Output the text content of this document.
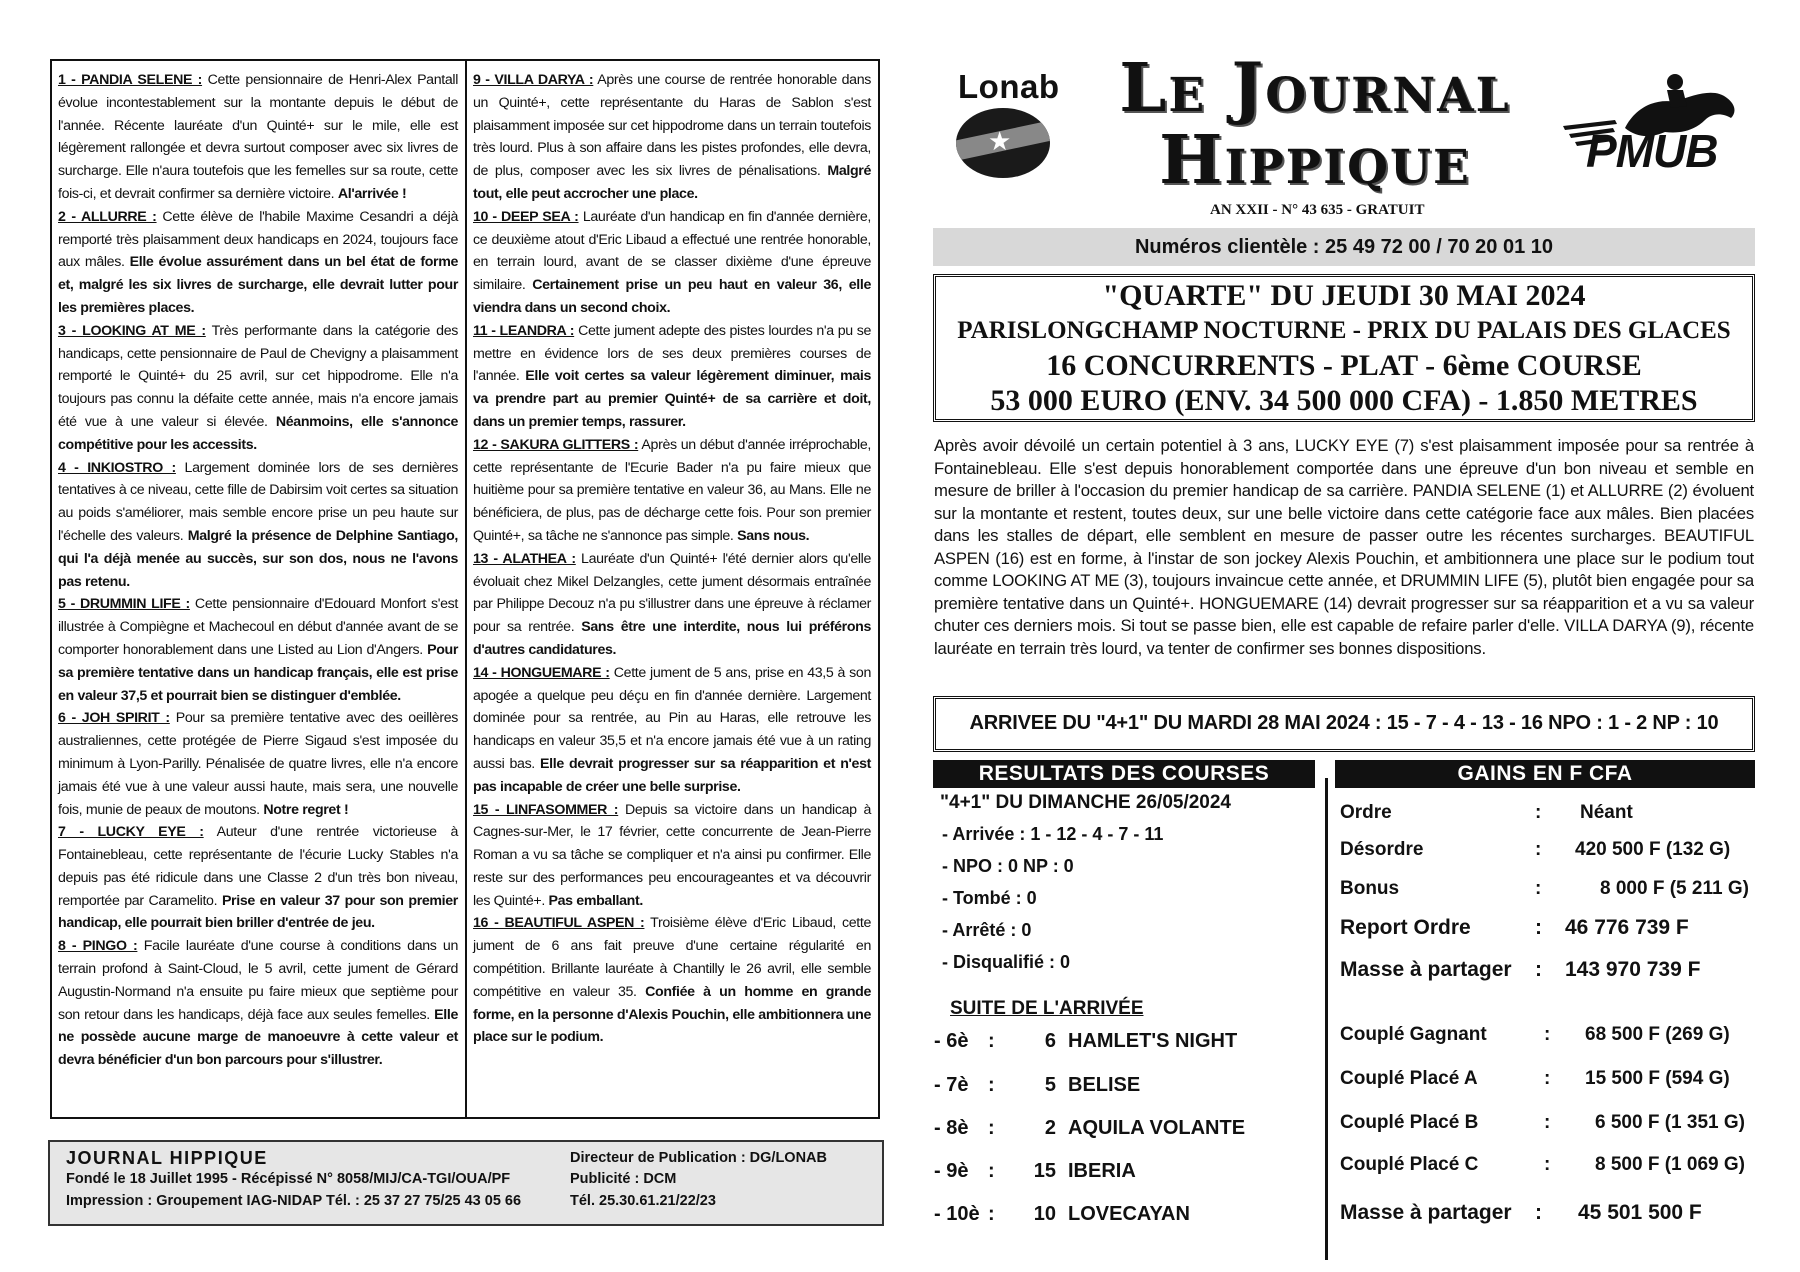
1 - PANDIA SELENE : Cette pensionnaire de Henri-Alex Pantall évolue incontestablement sur la montante depuis le début de l'année. Récente lauréate d'un Quinté+ sur le mile, elle est légèrement rallongée et devra surtout composer avec six livres de surcharge. Elle n'aura toutefois que les femelles sur sa route, cette fois-ci, et devrait confirmer sa dernière victoire. Al'arrivée !

2 - ALLURRE : Cette élève de l'habile Maxime Cesandri a déjà remporté très plaisamment deux handicaps en 2024, toujours face aux mâles. Elle évolue assurément dans un bel état de forme et, malgré les six livres de surcharge, elle devrait lutter pour les premières places.

3 - LOOKING AT ME : Très performante dans la catégorie des handicaps, cette pensionnaire de Paul de Chevigny a plaisamment remporté le Quinté+ du 25 avril, sur cet hippodrome. Elle n'a toujours pas connu la défaite cette année, mais n'a encore jamais été vue à une valeur si élevée. Néanmoins, elle s'annonce compétitive pour les accessits.

4 - INKIOSTRO : Largement dominée lors de ses dernières tentatives à ce niveau, cette fille de Dabirsim voit certes sa situation au poids s'améliorer, mais semble encore prise un peu haute sur l'échelle des valeurs. Malgré la présence de Delphine Santiago, qui l'a déjà menée au succès, sur son dos, nous ne l'avons pas retenu.

5 - DRUMMIN LIFE : Cette pensionnaire d'Edouard Monfort s'est illustrée à Compiègne et Machecoul en début d'année avant de se comporter honorablement dans une Listed au Lion d'Angers. Pour sa première tentative dans un handicap français, elle est prise en valeur 37,5 et pourrait bien se distinguer d'emblée.

6 - JOH SPIRIT : Pour sa première tentative avec des oeillères australiennes, cette protégée de Pierre Sigaud s'est imposée du minimum à Lyon-Parilly. Pénalisée de quatre livres, elle n'a encore jamais été vue à une valeur aussi haute, mais sera, une nouvelle fois, munie de peaux de moutons. Notre regret !

7 - LUCKY EYE : Auteur d'une rentrée victorieuse à Fontainebleau, cette représentante de l'écurie Lucky Stables n'a depuis pas été ridicule dans une Classe 2 d'un très bon niveau, remportée par Caramelito. Prise en valeur 37 pour son premier handicap, elle pourrait bien briller d'entrée de jeu.

8 - PINGO : Facile lauréate d'une course à conditions dans un terrain profond à Saint-Cloud, le 5 avril, cette jument de Gérard Augustin-Normand n'a ensuite pu faire mieux que septième pour son retour dans les handicaps, déjà face aux seules femelles. Elle ne possède aucune marge de manoeuvre à cette valeur et devra bénéficier d'un bon parcours pour s'illustrer.

9 - VILLA DARYA : Après une course de rentrée honorable dans un Quinté+, cette représentante du Haras de Sablon s'est plaisamment imposée sur cet hippodrome dans un terrain toutefois très lourd. Plus à son affaire dans les pistes profondes, elle devra, de plus, composer avec les six livres de pénalisations. Malgré tout, elle peut accrocher une place.

10 - DEEP SEA : Lauréate d'un handicap en fin d'année dernière, ce deuxième atout d'Eric Libaud a effectué une rentrée honorable, en terrain lourd, avant de se classer dixième d'une épreuve similaire. Certainement prise un peu haut en valeur 36, elle viendra dans un second choix.

11 - LEANDRA : Cette jument adepte des pistes lourdes n'a pu se mettre en évidence lors de ses deux premières courses de l'année. Elle voit certes sa valeur légèrement diminuer, mais va prendre part au premier Quinté+ de sa carrière et doit, dans un premier temps, rassurer.

12 - SAKURA GLITTERS : Après un début d'année irréprochable, cette représentante de l'Ecurie Bader n'a pu faire mieux que huitième pour sa première tentative en valeur 36, au Mans. Elle ne bénéficiera, de plus, pas de décharge cette fois. Pour son premier Quinté+, sa tâche ne s'annonce pas simple. Sans nous.

13 - ALATHEA : Lauréate d'un Quinté+ l'été dernier alors qu'elle évoluait chez Mikel Delzangles, cette jument désormais entraînée par Philippe Decouz n'a pu s'illustrer dans une épreuve à réclamer pour sa rentrée. Sans être une interdite, nous lui préférons d'autres candidatures.

14 - HONGUEMARE : Cette jument de 5 ans, prise en 43,5 à son apogée a quelque peu déçu en fin d'année dernière. Largement dominée pour sa rentrée, au Pin au Haras, elle retrouve les handicaps en valeur 35,5 et n'a encore jamais été vue à un rating aussi bas. Elle devrait progresser sur sa réapparition et n'est pas incapable de créer une belle surprise.

15 - LINFASOMMER : Depuis sa victoire dans un handicap à Cagnes-sur-Mer, le 17 février, cette concurrente de Jean-Pierre Roman a vu sa tâche se compliquer et n'a ainsi pu confirmer. Elle reste sur des performances peu encourageantes et va découvrir les Quinté+. Pas emballant.

16 - BEAUTIFUL ASPEN : Troisième élève d'Eric Libaud, cette jument de 6 ans fait preuve d'une certaine régularité en compétition. Brillante lauréate à Chantilly le 26 avril, elle semble compétitive en valeur 35. Confiée à un homme en grande forme, en la personne d'Alexis Pouchin, elle ambitionnera une place sur le podium.

JOURNAL HIPPIQUE
Fondé le 18 Juillet 1995 - Récépissé N° 8058/MIJ/CA-TGI/OUA/PF
Impression : Groupement IAG-NIDAP Tél. : 25 37 27 75/25 43 05 66
Directeur de Publication : DG/LONAB
Publicité : DCM
Tél. 25.30.61.21/22/23
Lonab
★
Le Journal
Hippique
AN XXII - N° 43 635 - GRATUIT
PMUB
Numéros clientèle : 25 49 72 00 / 70 20 01 10
"QUARTE" DU JEUDI 30 MAI 2024
PARISLONGCHAMP NOCTURNE - PRIX DU PALAIS DES GLACES
16 CONCURRENTS - PLAT - 6ème COURSE
53 000 EURO (ENV. 34 500 000 CFA) - 1.850 METRES
Après avoir dévoilé un certain potentiel à 3 ans, LUCKY EYE (7) s'est plaisamment imposée pour sa rentrée à Fontainebleau. Elle s'est depuis honorablement comportée dans une épreuve d'un bon niveau et semble en mesure de briller à l'occasion du premier handicap de sa carrière. PANDIA SELENE (1) et ALLURRE (2) évoluent sur la montante et restent, toutes deux, sur une belle victoire dans cette catégorie face aux mâles. Bien placées dans les stalles de départ, elle semblent en mesure de passer outre les récentes surcharges. BEAUTIFUL ASPEN (16) est en forme, à l'instar de son jockey Alexis Pouchin, et ambitionnera une place sur le podium tout comme LOOKING AT ME (3), toujours invaincue cette année, et DRUMMIN LIFE (5), plutôt bien engagée pour sa première tentative dans un Quinté+. HONGUEMARE (14) devrait progresser sur sa réapparition et a vu sa valeur chuter ces derniers mois. Si tout se passe bien, elle est capable de refaire parler d'elle. VILLA DARYA (9), récente lauréate en terrain très lourd, va tenter de confirmer ses bonnes dispositions.
ARRIVEE DU "4+1" DU MARDI 28 MAI 2024 : 15 - 7 - 4 - 13 - 16 NPO : 1 - 2 NP : 10
RESULTATS DES COURSES	GAINS EN F CFA
"4+1" DU DIMANCHE 26/05/2024
- Arrivée : 1 - 12 - 4 - 7 - 11
- NPO : 0 NP : 0
- Tombé : 0
- Arrêté : 0
- Disqualifié : 0
SUITE DE L'ARRIVÉE
- 6è :	6 HAMLET'S NIGHT
- 7è :	5 BELISE
- 8è :	2 AQUILA VOLANTE
- 9è : 15 IBERIA
- 10è : 10 LOVECAYAN
Ordre	: Néant
Désordre	: 420 500 F (132 G)
Bonus	:	8 000 F (5 211 G)
Report Ordre	: 46 776 739 F
Masse à partager : 143 970 739 F
Couplé Gagnant	: 68 500 F (269 G)
Couplé Placé A	: 15 500 F (594 G)
Couplé Placé B	: 6 500 F (1 351 G)
Couplé Placé C	: 8 500 F (1 069 G)
Masse à partager : 45 501 500 F
